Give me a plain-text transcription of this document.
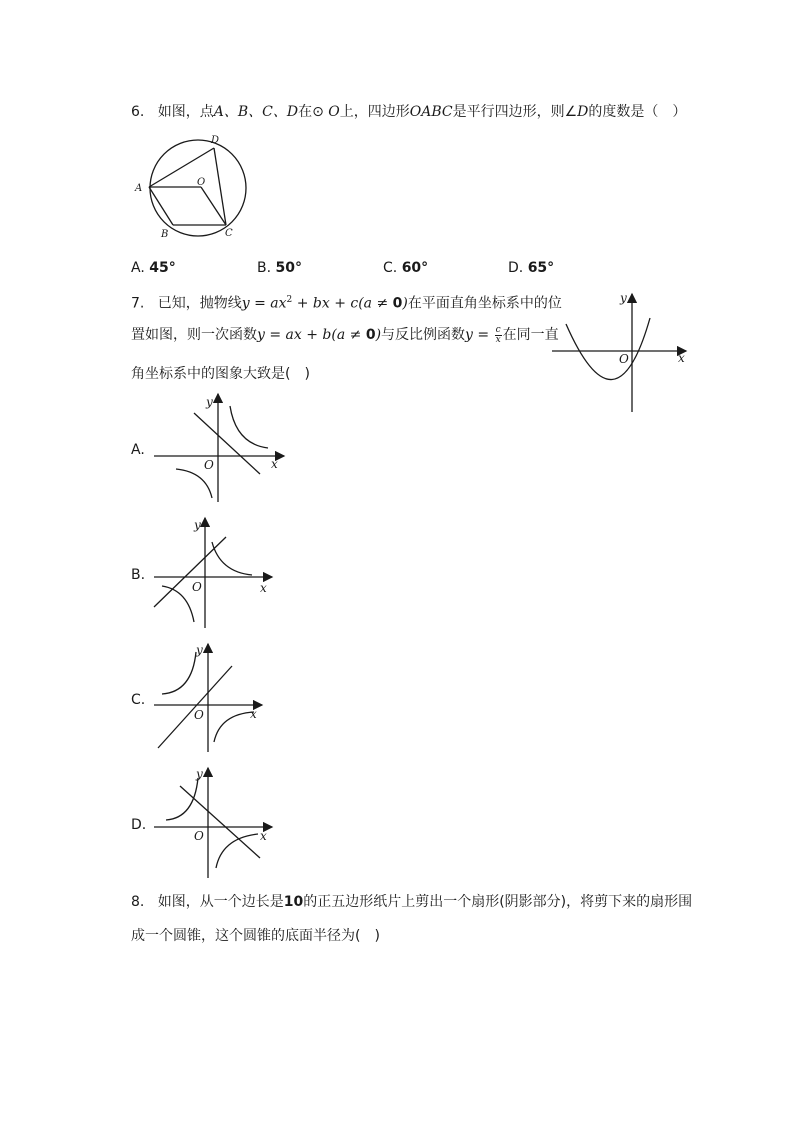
6. 如图，点A、B、C、D在⊙ O上，四边形OABC是平行四边形，则∠D的度数是（　）
A
D
O
B	C
A. 45°	B. 50°	C. 60°	D. 65°
7. 已知，抛物线$y = ax^2$ + bx + c(a ≠ 0)在平面直角坐标系中的位
置如图，则一次函数y = ax + b(a ≠ 0)与反比例函数$y = \frac{c}{x}$ 在同一直
角坐标系中的图象大致是(　)
y
x
O
A.
y
x
O
B.
y
x
O
C.
y
x
O
D.
y
x
O
8. 如图，从一个边长是10的正五边形纸片上剪出一个扇形(阴影部分)，将剪下来的扇形围
成一个圆锥，这个圆锥的底面半径为(　)
